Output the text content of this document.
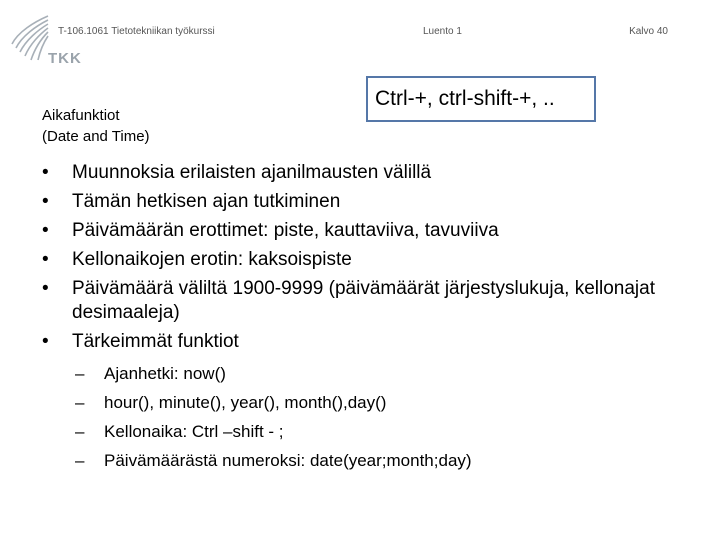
TKK
T-106.1061 Tietotekniikan työkurssi	Luento 1	Kalvo 40
Aikafunktiot
(Date and Time)
Ctrl-+, ctrl-shift-+, ..
• Muunnoksia erilaisten ajanilmausten välillä
• Tämän hetkisen ajan tutkiminen
• Päivämäärän erottimet: piste, kauttaviiva, tavuviiva
• Kellonaikojen erotin: kaksoispiste
• Päivämäärä väliltä 1900-9999 (päivämäärät järjestyslukuja, kellonajat desimaaleja)
• Tärkeimmät funktiot
– Ajanhetki: now()
– hour(), minute(), year(), month(),day()
– Kellonaika: Ctrl –shift - ;
– Päivämäärästä numeroksi: date(year;month;day)
